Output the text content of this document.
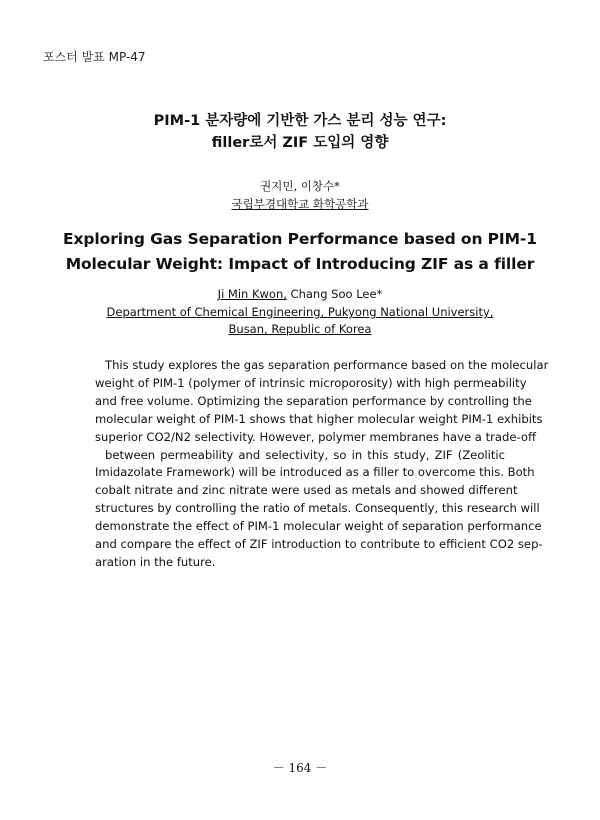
포스터 발표 MP-47
PIM-1 분자량에 기반한 가스 분리 성능 연구:
filler로서 ZIF 도입의 영향
권지민, 이창수*
국립부경대학교 화학공학과
Exploring Gas Separation Performance based on PIM-1
Molecular Weight: Impact of Introducing ZIF as a filler
Ji Min Kwon, Chang Soo Lee*
Department of Chemical Engineering, Pukyong National University,
Busan, Republic of Korea
This study explores the gas separation performance based on the molecular
weight of PIM-1 (polymer of intrinsic microporosity) with high permeability
and free volume. Optimizing the separation performance by controlling the
molecular weight of PIM-1 shows that higher molecular weight PIM-1 exhibits
superior CO2/N2 selectivity. However, polymer membranes have a trade-off
between permeability and selectivity, so in this study, ZIF (Zeolitic
Imidazolate Framework) will be introduced as a filler to overcome this. Both
cobalt nitrate and zinc nitrate were used as metals and showed different
structures by controlling the ratio of metals. Consequently, this research will
demonstrate the effect of PIM-1 molecular weight of separation performance
and compare the effect of ZIF introduction to contribute to efficient CO2 sep-
aration in the future.
－ 164 －
